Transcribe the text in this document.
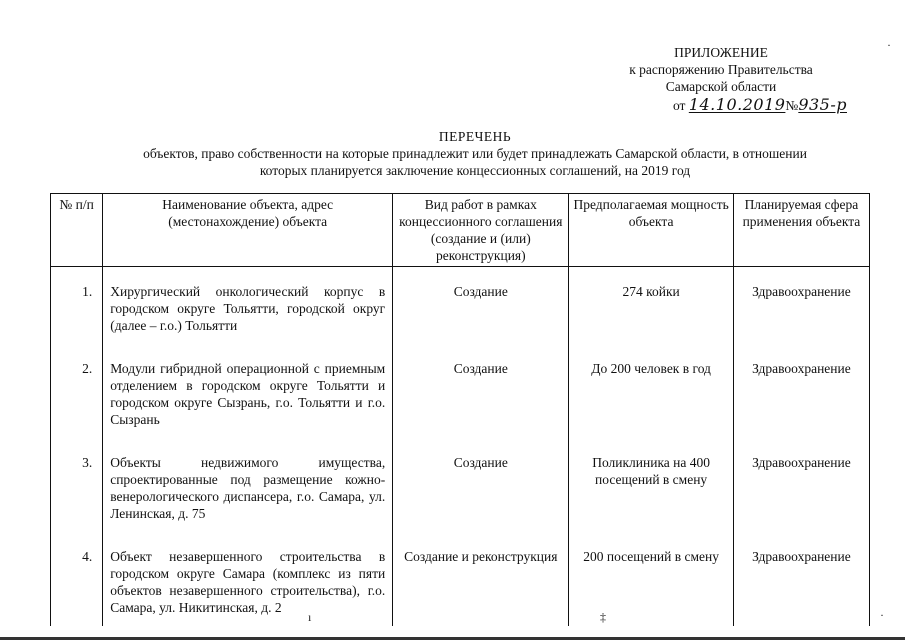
ПРИЛОЖЕНИЕ
к распоряжению Правительства
Самарской области
от 14.10.2019№935-р
ПЕРЕЧЕНЬ
объектов, право собственности на которые принадлежит или будет принадлежать Самарской области, в отношении
которых планируется заключение концессионных соглашений, на 2019 год
№ п/п	Наименование объекта, адрес (местонахождение) объекта	Вид работ в рамках концессионного соглашения (создание и (или) реконструкция)	Предполагаемая мощность объекта	Планируемая сфера применения объекта
1.	Хирургический онкологический корпус в городском округе Тольятти, городской округ (далее – г.о.) Тольятти	Создание	274 койки	Здравоохранение
2.	Модули гибридной операционной с приемным отделением в городском округе Тольятти и городском округе Сызрань, г.о. Тольятти и г.о. Сызрань	Создание	До 200 человек в год	Здравоохранение
3.	Объекты недвижимого имущества, спроектированные под размещение кожно-венерологического диспансера, г.о. Самара, ул. Ленинская, д. 75	Создание	Поликлиника на 400 посещений в смену	Здравоохранение
4.	Объект незавершенного строительства в городском округе Самара (комплекс из пяти объектов незавершенного строительства), г.о. Самара, ул. Никитинская, д. 2	Создание и реконструкция	200 посещений в смену	Здравоохранение
ı	‡	·
·
